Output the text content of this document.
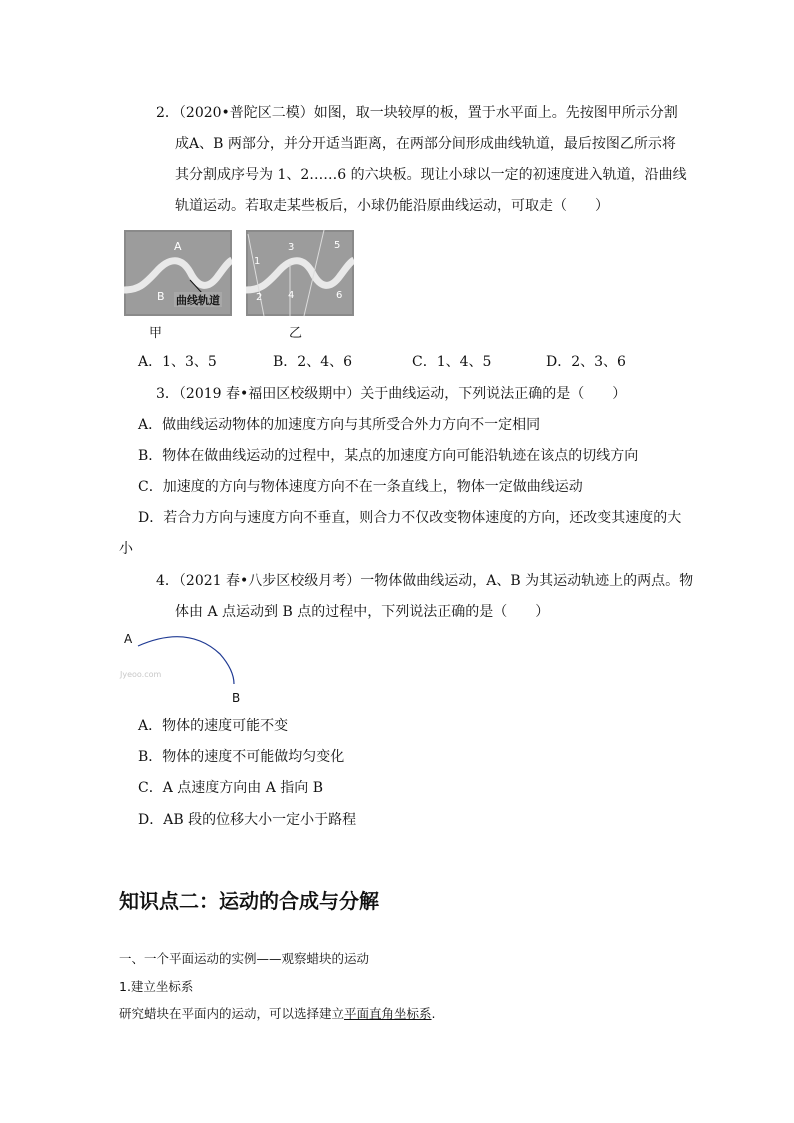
2．（2020•普陀区二模）如图，取一块较厚的板，置于水平面上。先按图甲所示分割
成A、B 两部分，并分开适当距离，在两部分间形成曲线轨道，最后按图乙所示将
其分割成序号为 1、2……6 的六块板。现让小球以一定的初速度进入轨道，沿曲线
轨道运动。若取走某些板后，小球仍能沿原曲线运动，可取走（　　）
A
B 曲线轨道
1
2
3
4
5
6
甲	乙
A．1、3、5	B．2、4、6	C．1、4、5	D．2、3、6
3．（2019 春•福田区校级期中）关于曲线运动，下列说法正确的是（　　）
A．做曲线运动物体的加速度方向与其所受合外力方向不一定相同
B．物体在做曲线运动的过程中，某点的加速度方向可能沿轨迹在该点的切线方向
C．加速度的方向与物体速度方向不在一条直线上，物体一定做曲线运动
D．若合力方向与速度方向不垂直，则合力不仅改变物体速度的方向，还改变其速度的大
小
4．（2021 春•八步区校级月考）一物体做曲线运动，A、B 为其运动轨迹上的两点。物
体由 A 点运动到 B 点的过程中，下列说法正确的是（　　）
A
B
Jyeoo.com
A．物体的速度可能不变
B．物体的速度不可能做均匀变化
C．A 点速度方向由 A 指向 B
D．AB 段的位移大小一定小于路程
知识点二：运动的合成与分解
一、一个平面运动的实例——观察蜡块的运动
1.建立坐标系
研究蜡块在平面内的运动，可以选择建立平面直角坐标系.
